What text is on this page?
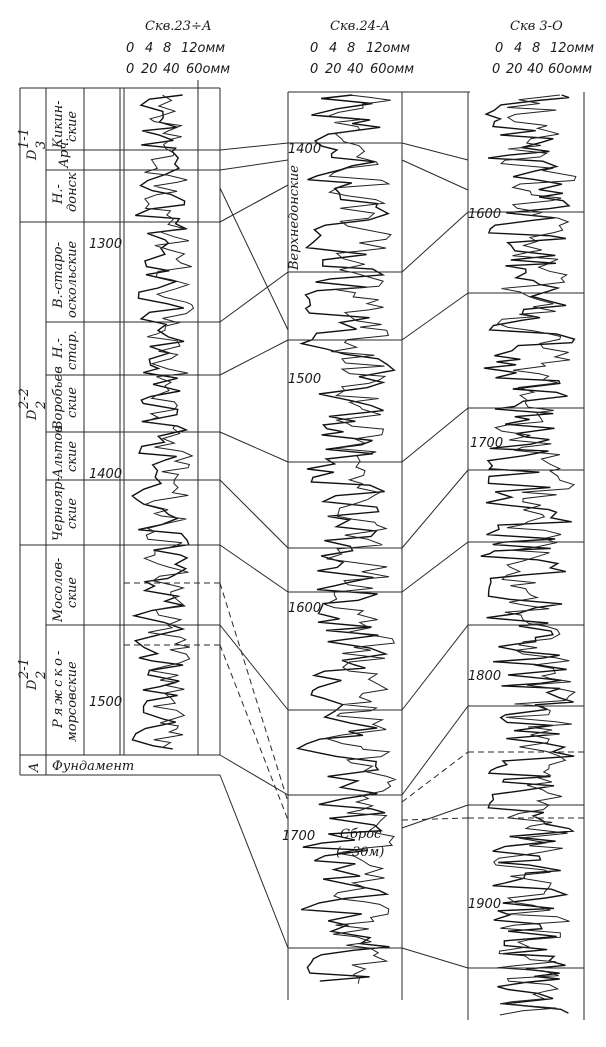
Скв.23÷А	Скв.24-А	Скв 3-О
0 4 8 12омм
0 20 40 60омм
0 4 8 12омм
0 20 40 60омм
0 4 8 12омм
0 20 40 60омм
D
1-1 3
D
2-2 2
D
2-1 2
A
Кикин- ские
Арч.
Н.- донск
В.-старо- оскольские
Н.- стар.
Воробьев ские
Альтов ские
Чернояр- ские
Мосолов- ские
Ряжско- морсовские
Фундамент
1300
1400
1500
1400
1500
1600
1700
Верхнедонские
Сброс
(−30м)
1600
1700
1800
1900
